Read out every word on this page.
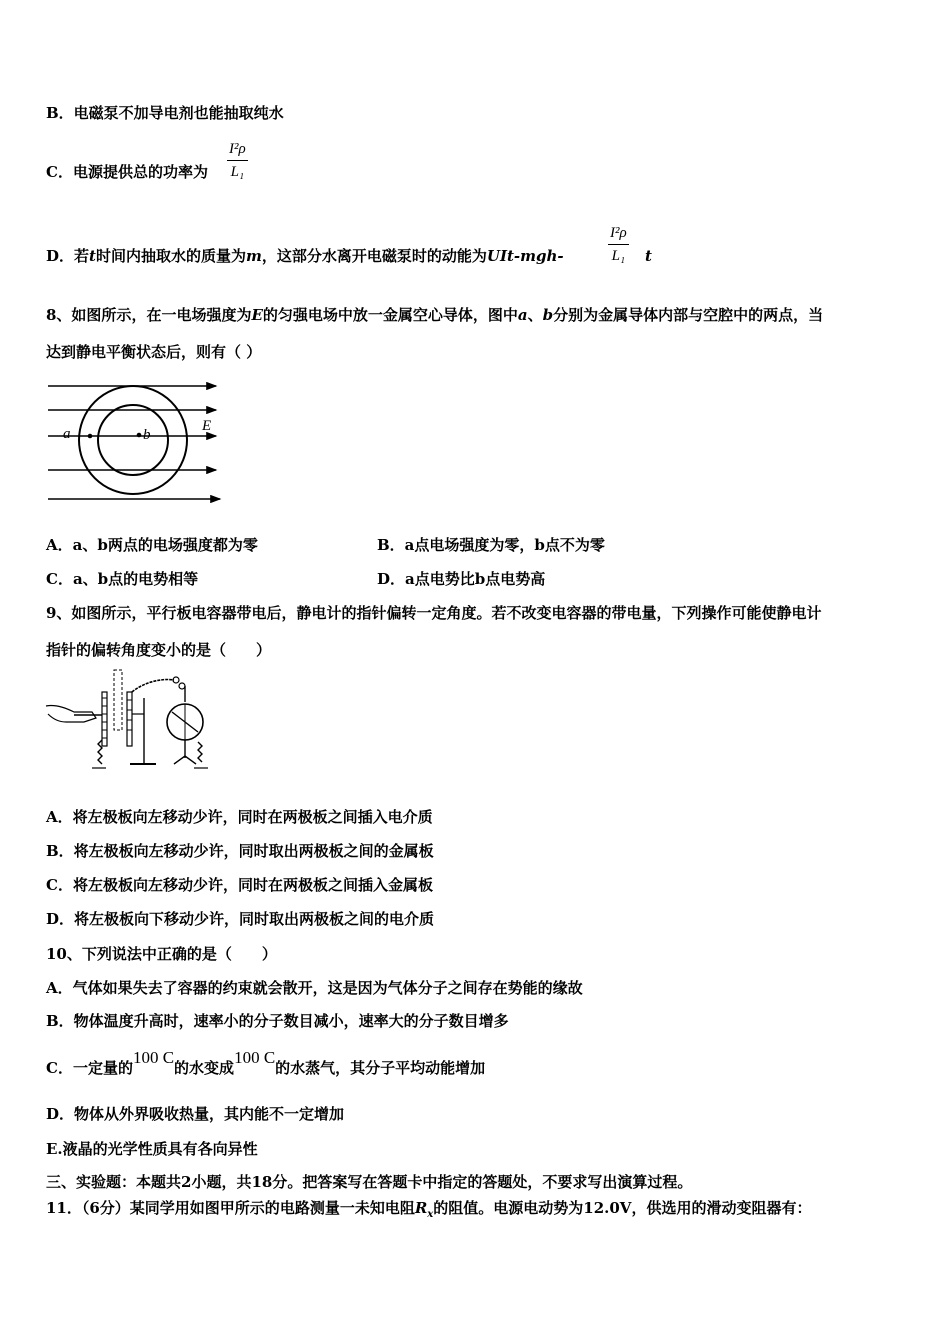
B．电磁泵不加导电剂也能抽取纯水
C．电源提供总的功率为 $\frac{\text{I²ρ}}{\text{L₁}}$
D．若t时间内抽取水的质量为m，这部分水离开电磁泵时的动能为UIt-mgh-	$\frac{\text{I²ρ}}{\text{L₁}}$ t
8、如图所示，在一电场强度为E的匀强电场中放一金属空心导体，图中a、b分别为金属导体内部与空腔中的两点，当
达到静电平衡状态后，则有（ ）
a	b
E
A．a、b两点的电场强度都为零	B．a点电场强度为零，b点不为零
C．a、b点的电势相等	D．a点电势比b点电势高
9、如图所示，平行板电容器带电后，静电计的指针偏转一定角度。若不改变电容器的带电量，下列操作可能使静电计
指针的偏转角度变小的是（　　）
A．将左极板向左移动少许，同时在两极板之间插入电介质
B．将左极板向左移动少许，同时取出两极板之间的金属板
C．将左极板向左移动少许，同时在两极板之间插入金属板
D．将左极板向下移动少许，同时取出两极板之间的电介质
10、下列说法中正确的是（　　）
A．气体如果失去了容器的约束就会散开，这是因为气体分子之间存在势能的缘故
B．物体温度升高时，速率小的分子数目减小，速率大的分子数目增多
C．一定量的100 C的水变成100 C的水蒸气，其分子平均动能增加
D．物体从外界吸收热量，其内能不一定增加
E.液晶的光学性质具有各向异性
三、实验题：本题共2小题，共18分。把答案写在答题卡中指定的答题处，不要求写出演算过程。
11．（6分）某同学用如图甲所示的电路测量一未知电阻$R_x$的阻值。电源电动势为12.0V，供选用的滑动变阻器有：
